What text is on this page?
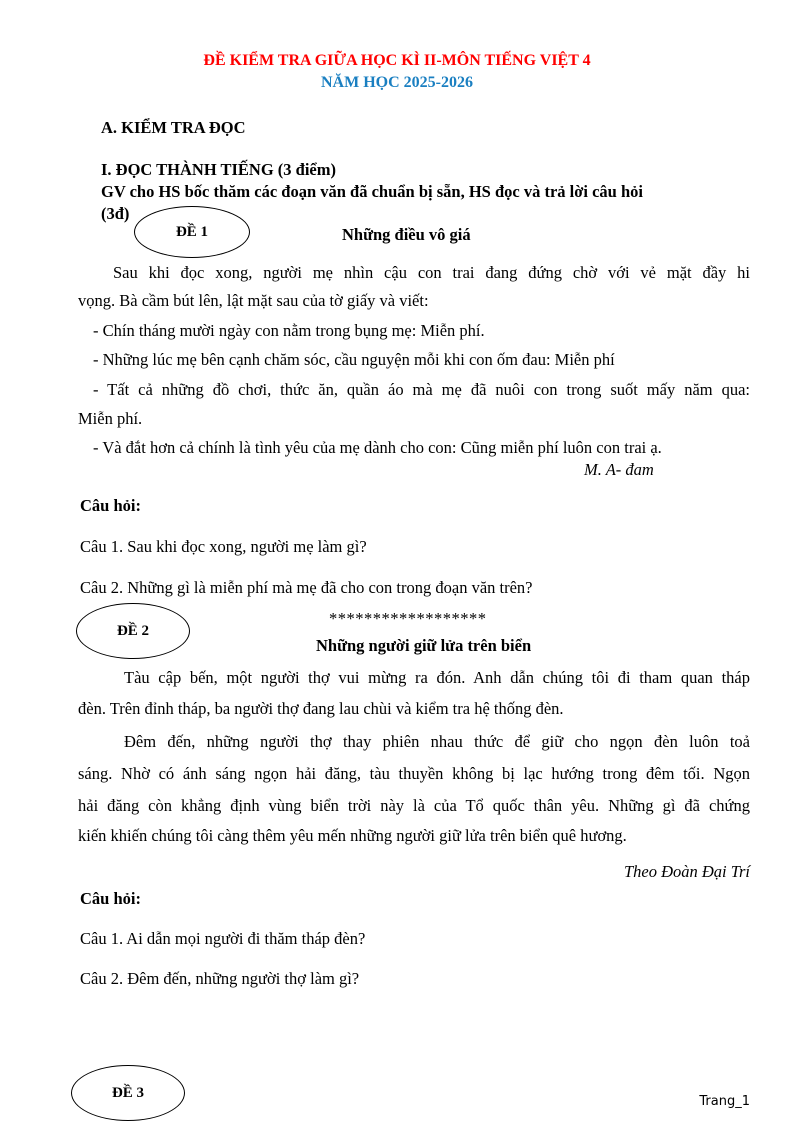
ĐỀ KIỂM TRA GIỮA HỌC KÌ II-MÔN TIẾNG VIỆT 4
NĂM HỌC 2025-2026
A. KIỂM TRA ĐỌC
I. ĐỌC THÀNH TIẾNG (3 điểm)
GV cho HS bốc thăm các đoạn văn đã chuẩn bị sẵn, HS đọc và trả lời câu hỏi
(3đ)
ĐỀ 1	Những điều vô giá
Sau khi đọc xong, người mẹ nhìn cậu con trai đang đứng chờ với vẻ mặt đầy hi
vọng. Bà cầm bút lên, lật mặt sau của tờ giấy và viết:
- Chín tháng mười ngày con nằm trong bụng mẹ: Miễn phí.
- Những lúc mẹ bên cạnh chăm sóc, cầu nguyện mỗi khi con ốm đau: Miễn phí
- Tất cả những đồ chơi, thức ăn, quần áo mà mẹ đã nuôi con trong suốt mấy năm qua:
Miễn phí.
- Và đắt hơn cả chính là tình yêu của mẹ dành cho con: Cũng miễn phí luôn con trai ạ.
M. A- đam
Câu hỏi:
Câu 1. Sau khi đọc xong, người mẹ làm gì?
Câu 2. Những gì là miễn phí mà mẹ đã cho con trong đoạn văn trên?
******************
ĐỀ 2
Những người giữ lửa trên biển
Tàu cập bến, một người thợ vui mừng ra đón. Anh dẫn chúng tôi đi tham quan tháp
đèn. Trên đỉnh tháp, ba người thợ đang lau chùi và kiểm tra hệ thống đèn.
Đêm đến, những người thợ thay phiên nhau thức để giữ cho ngọn đèn luôn toả
sáng. Nhờ có ánh sáng ngọn hải đăng, tàu thuyền không bị lạc hướng trong đêm tối. Ngọn
hải đăng còn khẳng định vùng biển trời này là của Tổ quốc thân yêu. Những gì đã chứng
kiến khiến chúng tôi càng thêm yêu mến những người giữ lửa trên biển quê hương.
Theo Đoàn Đại Trí
Câu hỏi:
Câu 1. Ai dẫn mọi người đi thăm tháp đèn?
Câu 2. Đêm đến, những người thợ làm gì?
ĐỀ 3
Trang_1
